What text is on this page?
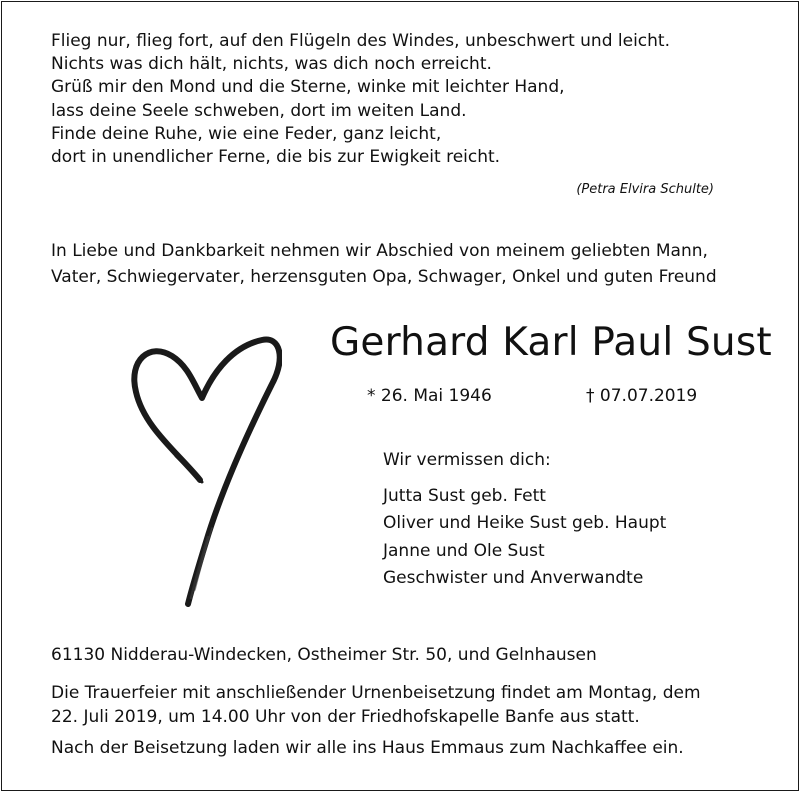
Flieg nur, flieg fort, auf den Flügeln des Windes, unbeschwert und leicht.
Nichts was dich hält, nichts, was dich noch erreicht.
Grüß mir den Mond und die Sterne, winke mit leichter Hand,
lass deine Seele schweben, dort im weiten Land.
Finde deine Ruhe, wie eine Feder, ganz leicht,
dort in unendlicher Ferne, die bis zur Ewigkeit reicht.
(Petra Elvira Schulte)
In Liebe und Dankbarkeit nehmen wir Abschied von meinem geliebten Mann,
Vater, Schwiegervater, herzensguten Opa, Schwager, Onkel und guten Freund
Gerhard Karl Paul Sust
* 26. Mai 1946	† 07.07.2019
Wir vermissen dich:
Jutta Sust geb. Fett
Oliver und Heike Sust geb. Haupt
Janne und Ole Sust
Geschwister und Anverwandte
61130 Nidderau-Windecken, Ostheimer Str. 50, und Gelnhausen
Die Trauerfeier mit anschließender Urnenbeisetzung findet am Montag, dem
22. Juli 2019, um 14.00 Uhr von der Friedhofskapelle Banfe aus statt.
Nach der Beisetzung laden wir alle ins Haus Emmaus zum Nachkaffee ein.
